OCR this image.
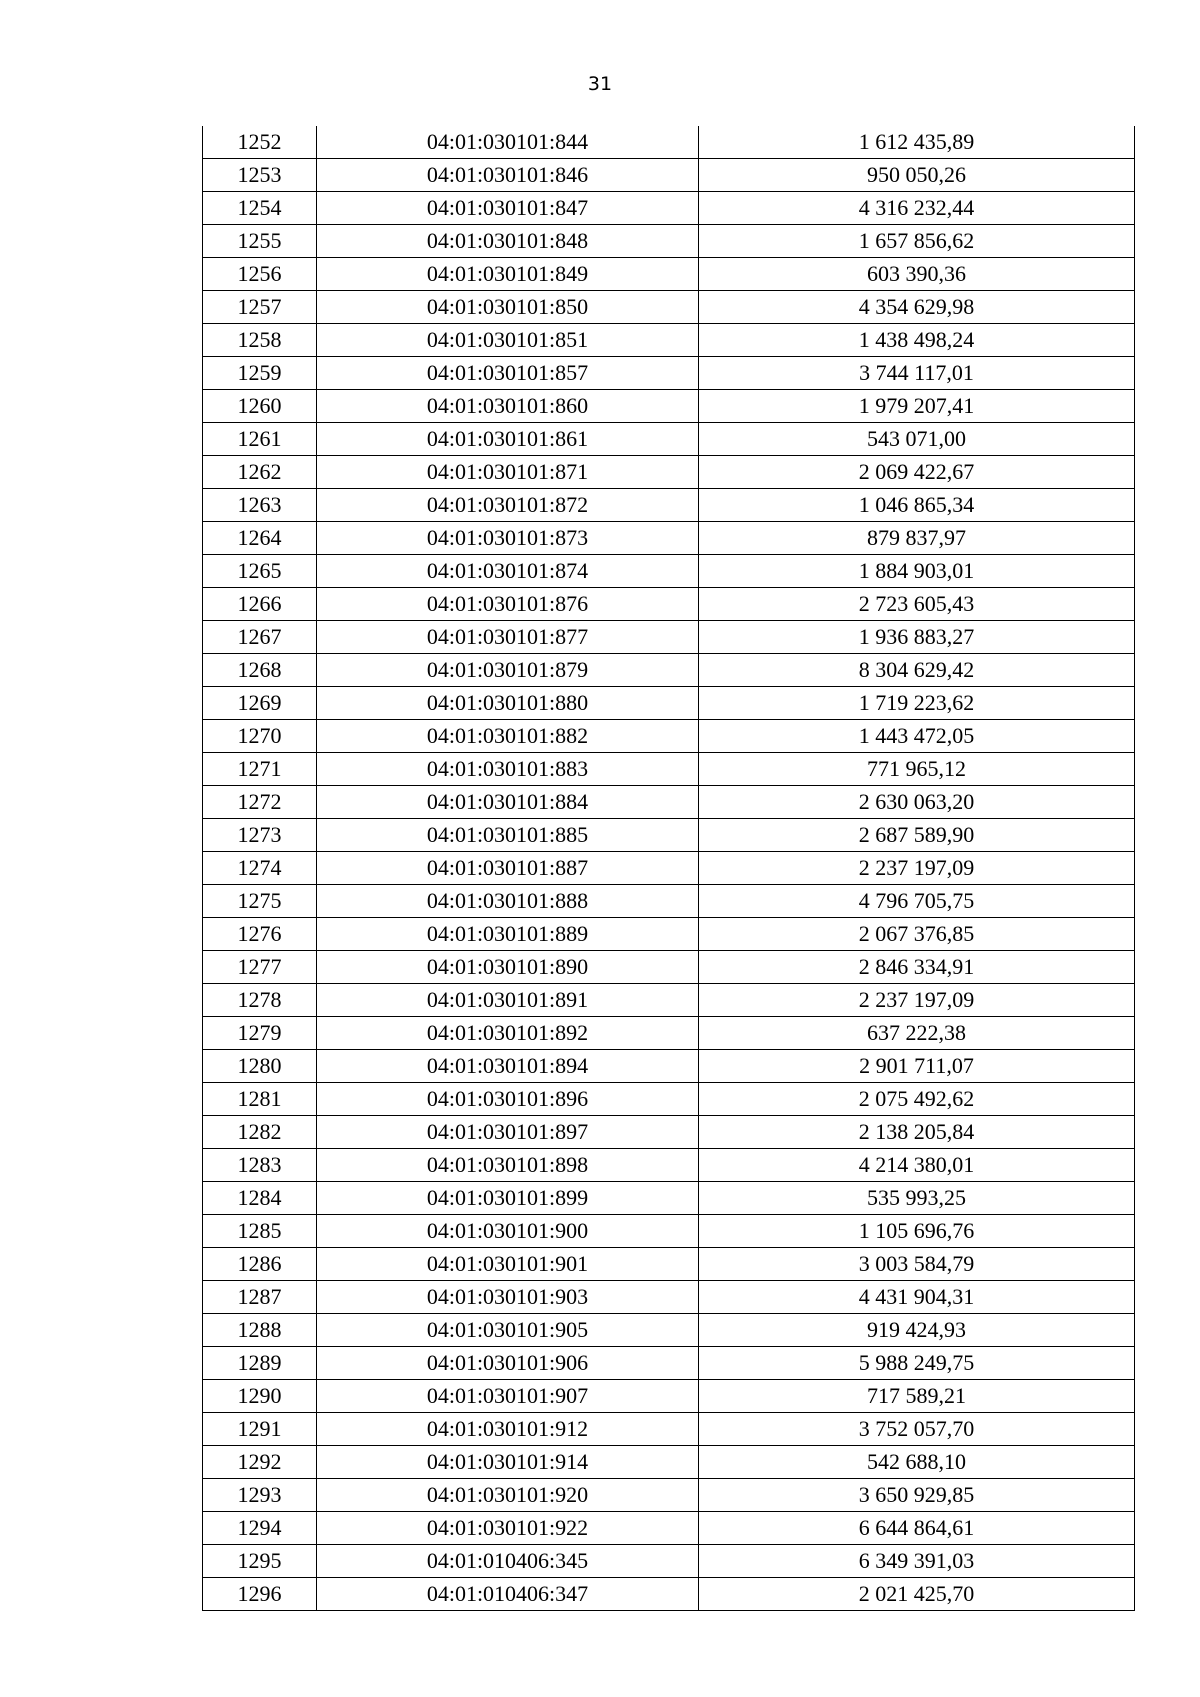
31
1252	04:01:030101:844	1 612 435,89
1253	04:01:030101:846	950 050,26
1254	04:01:030101:847	4 316 232,44
1255	04:01:030101:848	1 657 856,62
1256	04:01:030101:849	603 390,36
1257	04:01:030101:850	4 354 629,98
1258	04:01:030101:851	1 438 498,24
1259	04:01:030101:857	3 744 117,01
1260	04:01:030101:860	1 979 207,41
1261	04:01:030101:861	543 071,00
1262	04:01:030101:871	2 069 422,67
1263	04:01:030101:872	1 046 865,34
1264	04:01:030101:873	879 837,97
1265	04:01:030101:874	1 884 903,01
1266	04:01:030101:876	2 723 605,43
1267	04:01:030101:877	1 936 883,27
1268	04:01:030101:879	8 304 629,42
1269	04:01:030101:880	1 719 223,62
1270	04:01:030101:882	1 443 472,05
1271	04:01:030101:883	771 965,12
1272	04:01:030101:884	2 630 063,20
1273	04:01:030101:885	2 687 589,90
1274	04:01:030101:887	2 237 197,09
1275	04:01:030101:888	4 796 705,75
1276	04:01:030101:889	2 067 376,85
1277	04:01:030101:890	2 846 334,91
1278	04:01:030101:891	2 237 197,09
1279	04:01:030101:892	637 222,38
1280	04:01:030101:894	2 901 711,07
1281	04:01:030101:896	2 075 492,62
1282	04:01:030101:897	2 138 205,84
1283	04:01:030101:898	4 214 380,01
1284	04:01:030101:899	535 993,25
1285	04:01:030101:900	1 105 696,76
1286	04:01:030101:901	3 003 584,79
1287	04:01:030101:903	4 431 904,31
1288	04:01:030101:905	919 424,93
1289	04:01:030101:906	5 988 249,75
1290	04:01:030101:907	717 589,21
1291	04:01:030101:912	3 752 057,70
1292	04:01:030101:914	542 688,10
1293	04:01:030101:920	3 650 929,85
1294	04:01:030101:922	6 644 864,61
1295	04:01:010406:345	6 349 391,03
1296	04:01:010406:347	2 021 425,70
